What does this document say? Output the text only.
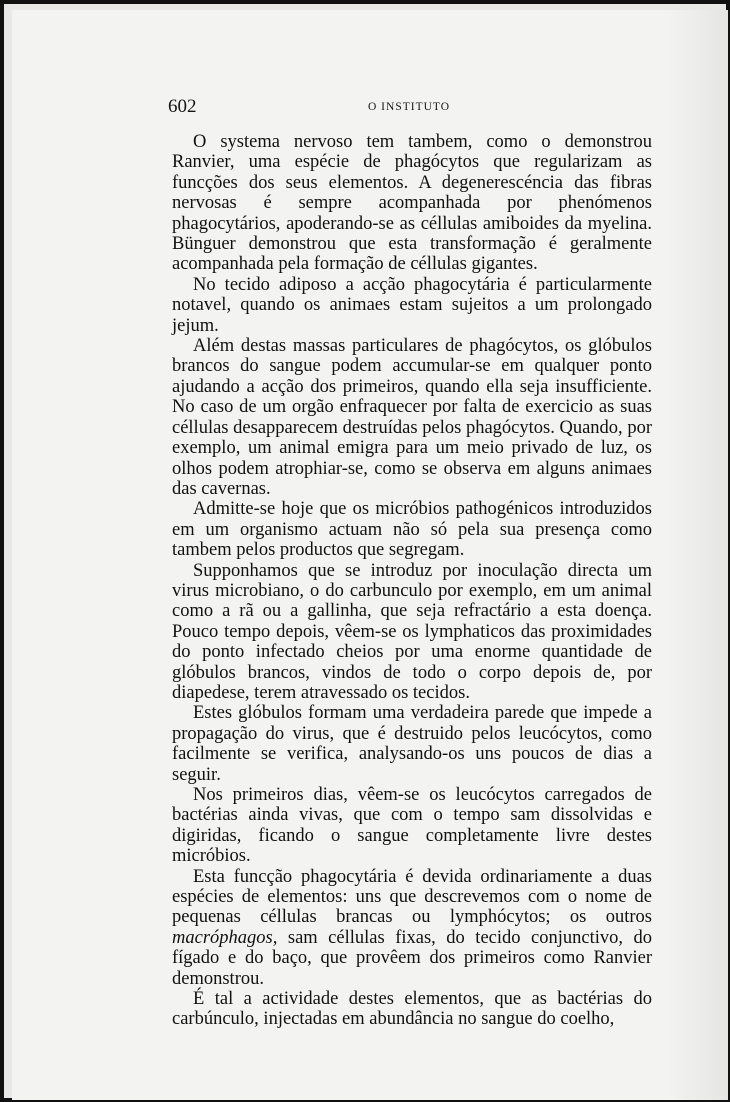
602	O INSTITUTO

O systema nervoso tem tambem, como o demonstrou Ranvier, uma espécie de phagócytos que regularizam as funcções dos seus elementos. A degenerescéncia das fibras nervosas é sempre acompanhada por phenómenos phagocytários, apoderando-se as céllulas amiboides da myelina. Bünguer demonstrou que esta transformação é geralmente acompanhada pela formação de céllulas gigantes.

No tecido adiposo a acção phagocytária é particularmente notavel, quando os animaes estam sujeitos a um prolongado jejum.

Além destas massas particulares de phagócytos, os glóbulos brancos do sangue podem accumular-se em qualquer ponto ajudando a acção dos primeiros, quando ella seja insufficiente. No caso de um orgão enfraquecer por falta de exercicio as suas céllulas desapparecem destruídas pelos phagócytos. Quando, por exemplo, um animal emigra para um meio privado de luz, os olhos podem atrophiar-se, como se observa em alguns animaes das cavernas.

Admitte-se hoje que os micróbios pathogénicos introduzidos em um organismo actuam não só pela sua presença como tambem pelos productos que segregam.

Supponhamos que se introduz por inoculação directa um virus microbiano, o do carbunculo por exemplo, em um animal como a rã ou a gallinha, que seja refractário a esta doença. Pouco tempo depois, vêem-se os lymphaticos das proximidades do ponto infectado cheios por uma enorme quantidade de glóbulos brancos, vindos de todo o corpo depois de, por diapedese, terem atravessado os tecidos.

Estes glóbulos formam uma verdadeira parede que impede a propagação do virus, que é destruido pelos leucócytos, como facilmente se verifica, analysando-os uns poucos de dias a seguir.

Nos primeiros dias, vêem-se os leucócytos carregados de bactérias ainda vivas, que com o tempo sam dissolvidas e digiridas, ficando o sangue completamente livre destes micróbios.

Esta funcção phagocytária é devida ordinariamente a duas espécies de elementos: uns que descrevemos com o nome de pequenas céllulas brancas ou lymphócytos; os outros macróphagos, sam céllulas fixas, do tecido conjunctivo, do fígado e do baço, que provêem dos primeiros como Ranvier demonstrou.

É tal a actividade destes elementos, que as bactérias do carbúnculo, injectadas em abundância no sangue do coelho,
